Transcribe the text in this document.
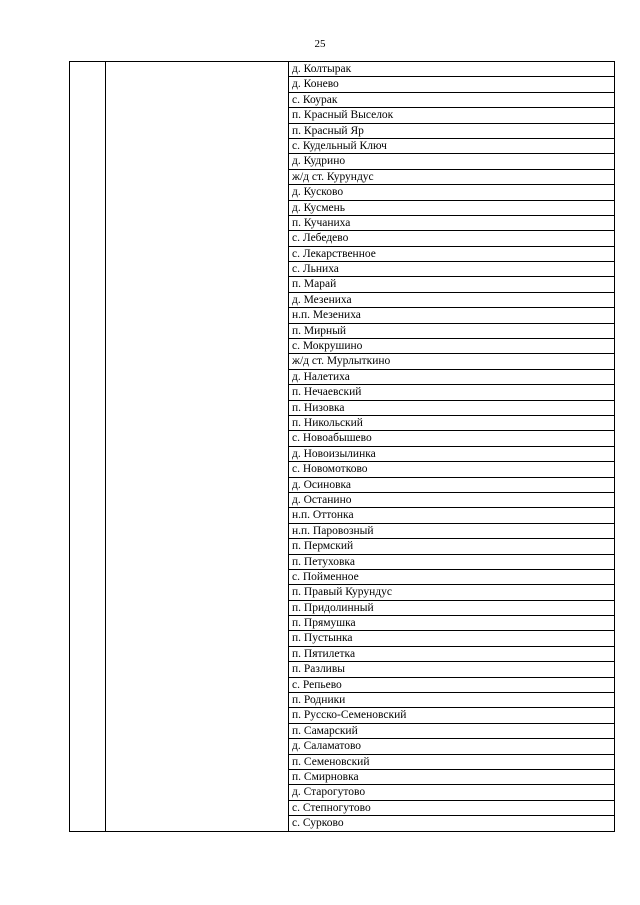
25

д. Колтырак

д. Конево

с. Коурак

п. Красный Выселок

п. Красный Яр

с. Кудельный Ключ

д. Кудрино

ж/д ст. Курундус

д. Кусково

д. Кусмень

п. Кучаниха

с. Лебедево

с. Лекарственное

с. Льниха

п. Марай

д. Мезениха

н.п. Мезениха

п. Мирный

с. Мокрушино

ж/д ст. Мурлыткино

д. Налетиха

п. Нечаевский

п. Низовка

п. Никольский

с. Новоабышево

д. Новоизылинка

с. Новомотково

д. Осиновка

д. Останино

н.п. Оттонка

н.п. Паровозный

п. Пермский

п. Петуховка

с. Пойменное

п. Правый Курундус

п. Придолинный

п. Прямушка

п. Пустынка

п. Пятилетка

п. Разливы

с. Репьево

п. Родники

п. Русско-Семеновский

п. Самарский

д. Саламатово

п. Семеновский

п. Смирновка

д. Старогутово

с. Степногутово

с. Сурково
